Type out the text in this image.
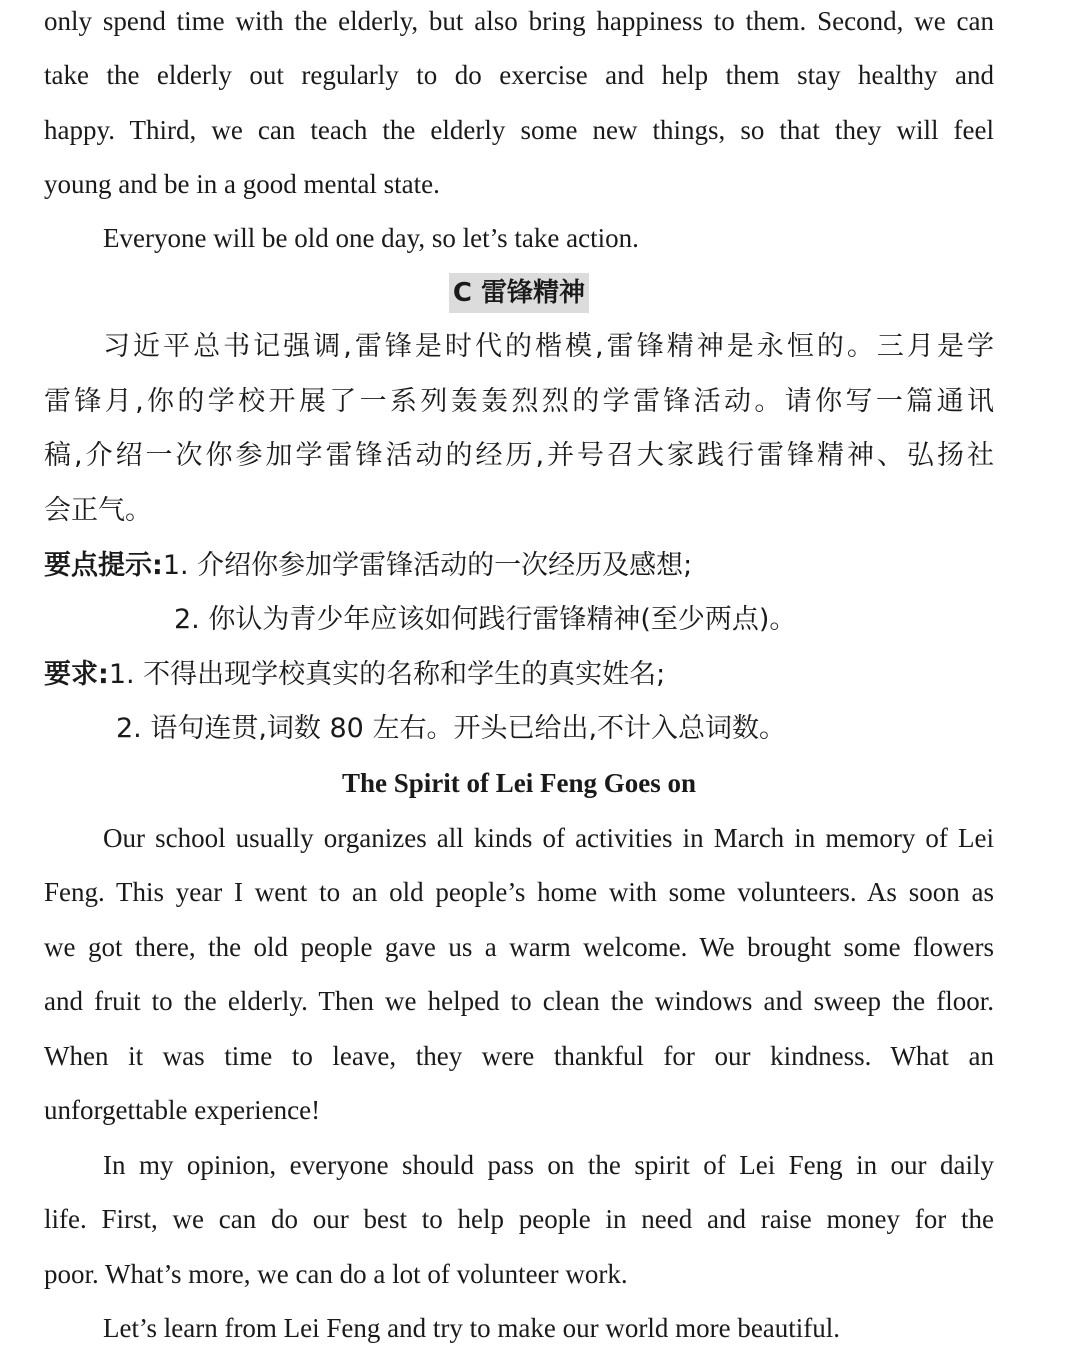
only spend time with the elderly, but also bring happiness to them. Second, we can
take the elderly out regularly to do exercise and help them stay healthy and
happy. Third, we can teach the elderly some new things, so that they will feel
young and be in a good mental state.
Everyone will be old one day, so let’s take action.
C 雷锋精神
习近平总书记强调,雷锋是时代的楷模,雷锋精神是永恒的。三月是学
雷锋月,你的学校开展了一系列轰轰烈烈的学雷锋活动。请你写一篇通讯
稿,介绍一次你参加学雷锋活动的经历,并号召大家践行雷锋精神、弘扬社
会正气。
要点提示:1. 介绍你参加学雷锋活动的一次经历及感想;
2. 你认为青少年应该如何践行雷锋精神(至少两点)。
要求:1. 不得出现学校真实的名称和学生的真实姓名;
2. 语句连贯,词数 80 左右。开头已给出,不计入总词数。
The Spirit of Lei Feng Goes on
Our school usually organizes all kinds of activities in March in memory of Lei
Feng. This year I went to an old people’s home with some volunteers. As soon as
we got there, the old people gave us a warm welcome. We brought some flowers
and fruit to the elderly. Then we helped to clean the windows and sweep the floor.
When it was time to leave, they were thankful for our kindness. What an
unforgettable experience!
In my opinion, everyone should pass on the spirit of Lei Feng in our daily
life. First, we can do our best to help people in need and raise money for the
poor. What’s more, we can do a lot of volunteer work.
Let’s learn from Lei Feng and try to make our world more beautiful.
